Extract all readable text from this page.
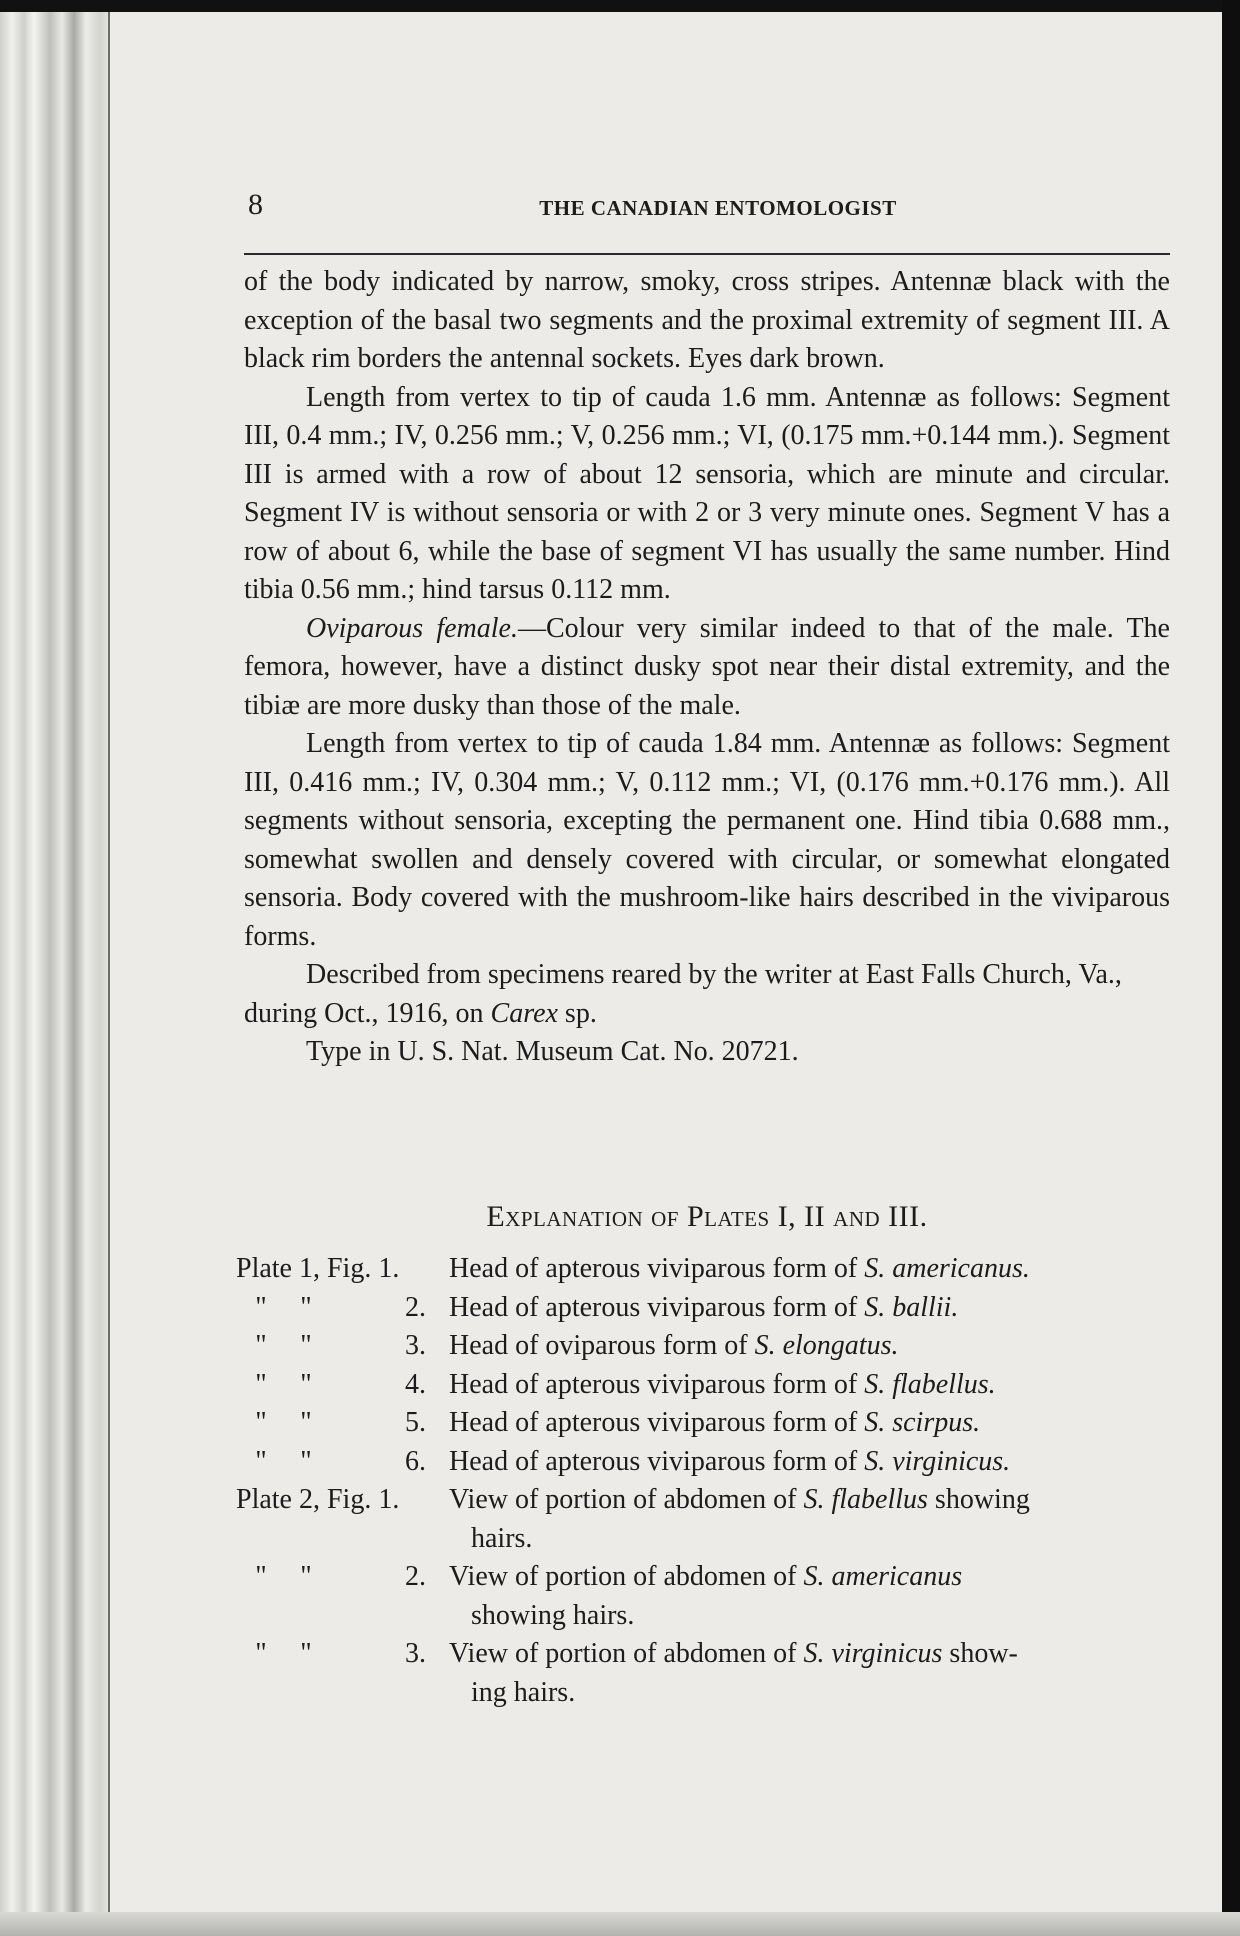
8	THE CANADIAN ENTOMOLOGIST

of the body indicated by narrow, smoky, cross stripes. Antennæ black with the exception of the basal two segments and the proximal extremity of segment III. A black rim borders the antennal sockets. Eyes dark brown.

Length from vertex to tip of cauda 1.6 mm. Antennæ as follows: Segment III, 0.4 mm.; IV, 0.256 mm.; V, 0.256 mm.; VI, (0.175 mm.+0.144 mm.). Segment III is armed with a row of about 12 sensoria, which are minute and circular. Segment IV is without sensoria or with 2 or 3 very minute ones. Segment V has a row of about 6, while the base of segment VI has usually the same number. Hind tibia 0.56 mm.; hind tarsus 0.112 mm.

Oviparous female.—Colour very similar indeed to that of the male. The femora, however, have a distinct dusky spot near their distal extremity, and the tibiæ are more dusky than those of the male.

Length from vertex to tip of cauda 1.84 mm. Antennæ as follows: Segment III, 0.416 mm.; IV, 0.304 mm.; V, 0.112 mm.; VI, (0.176 mm.+0.176 mm.). All segments without sensoria, excepting the permanent one. Hind tibia 0.688 mm., somewhat swollen and densely covered with circular, or somewhat elongated sensoria. Body covered with the mushroom-like hairs described in the viviparous forms.

Described from specimens reared by the writer at East Falls Church, Va., during Oct., 1916, on Carex sp.

Type in U. S. Nat. Museum Cat. No. 20721.

Explanation of Plates I, II and III.
Plate 1, Fig. 1.	Head of apterous viviparous form of S. americanus.
" "	2. Head of apterous viviparous form of S. ballii.
" "	3. Head of oviparous form of S. elongatus.
" "	4. Head of apterous viviparous form of S. flabellus.
" "	5. Head of apterous viviparous form of S. scirpus.
" "	6. Head of apterous viviparous form of S. virginicus.
Plate 2, Fig. 1.	View of portion of abdomen of S. flabellus showing
hairs.
" "	2. View of portion of abdomen of S. americanus
showing hairs.
" "	3. View of portion of abdomen of S. virginicus show-
ing hairs.
